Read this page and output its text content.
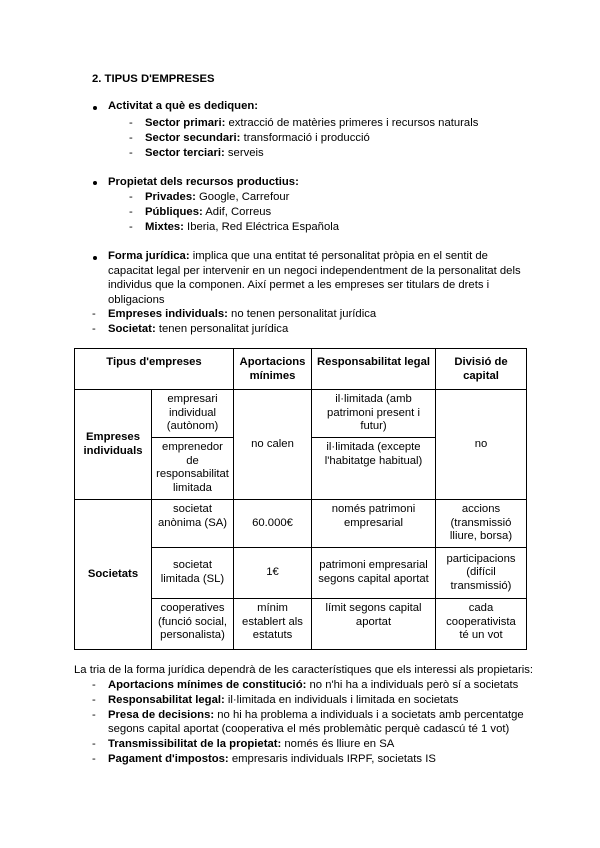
2. TIPUS D'EMPRESES
Activitat a què es dediquen:
- Sector primari: extracció de matèries primeres i recursos naturals
- Sector secundari: transformació i producció
- Sector terciari: serveis
Propietat dels recursos productius:
- Privades: Google, Carrefour
- Públiques: Adif, Correus
- Mixtes: Iberia, Red Eléctrica Española
Forma jurídica: implica que una entitat té personalitat pròpia en el sentit de
capacitat legal per intervenir en un negoci independentment de la personalitat dels
individus que la componen. Així permet a les empreses ser titulars de drets i
obligacions
- Empreses individuals: no tenen personalitat jurídica
- Societat: tenen personalitat jurídica
Tipus d'empreses		Aportacions mínimes	Responsabilitat legal	Divisió de capital
Empreses individuals	empresari individual (autònom)	no calen	il·limitada (amb patrimoni present i futur)	no
	emprenedor de responsabilitat limitada		il·limitada (excepte l'habitatge habitual)	
Societats	societat anònima (SA)	60.000€	només patrimoni empresarial	accions (transmissió lliure, borsa)
	societat limitada (SL)	1€	patrimoni empresarial segons capital aportat	participacions (difícil transmissió)
	cooperatives (funció social, personalista)	mínim establert als estatuts	límit segons capital aportat	cada cooperativista té un vot
La tria de la forma jurídica dependrà de les característiques que els interessi als propietaris:
- Aportacions mínimes de constitució: no n'hi ha a individuals però sí a societats
- Responsabilitat legal: il·limitada en individuals i limitada en societats
- Presa de decisions: no hi ha problema a individuals i a societats amb percentatge
segons capital aportat (cooperativa el més problemàtic perquè cadascú té 1 vot)
- Transmissibilitat de la propietat: només és lliure en SA
- Pagament d'impostos: empresaris individuals IRPF, societats IS
